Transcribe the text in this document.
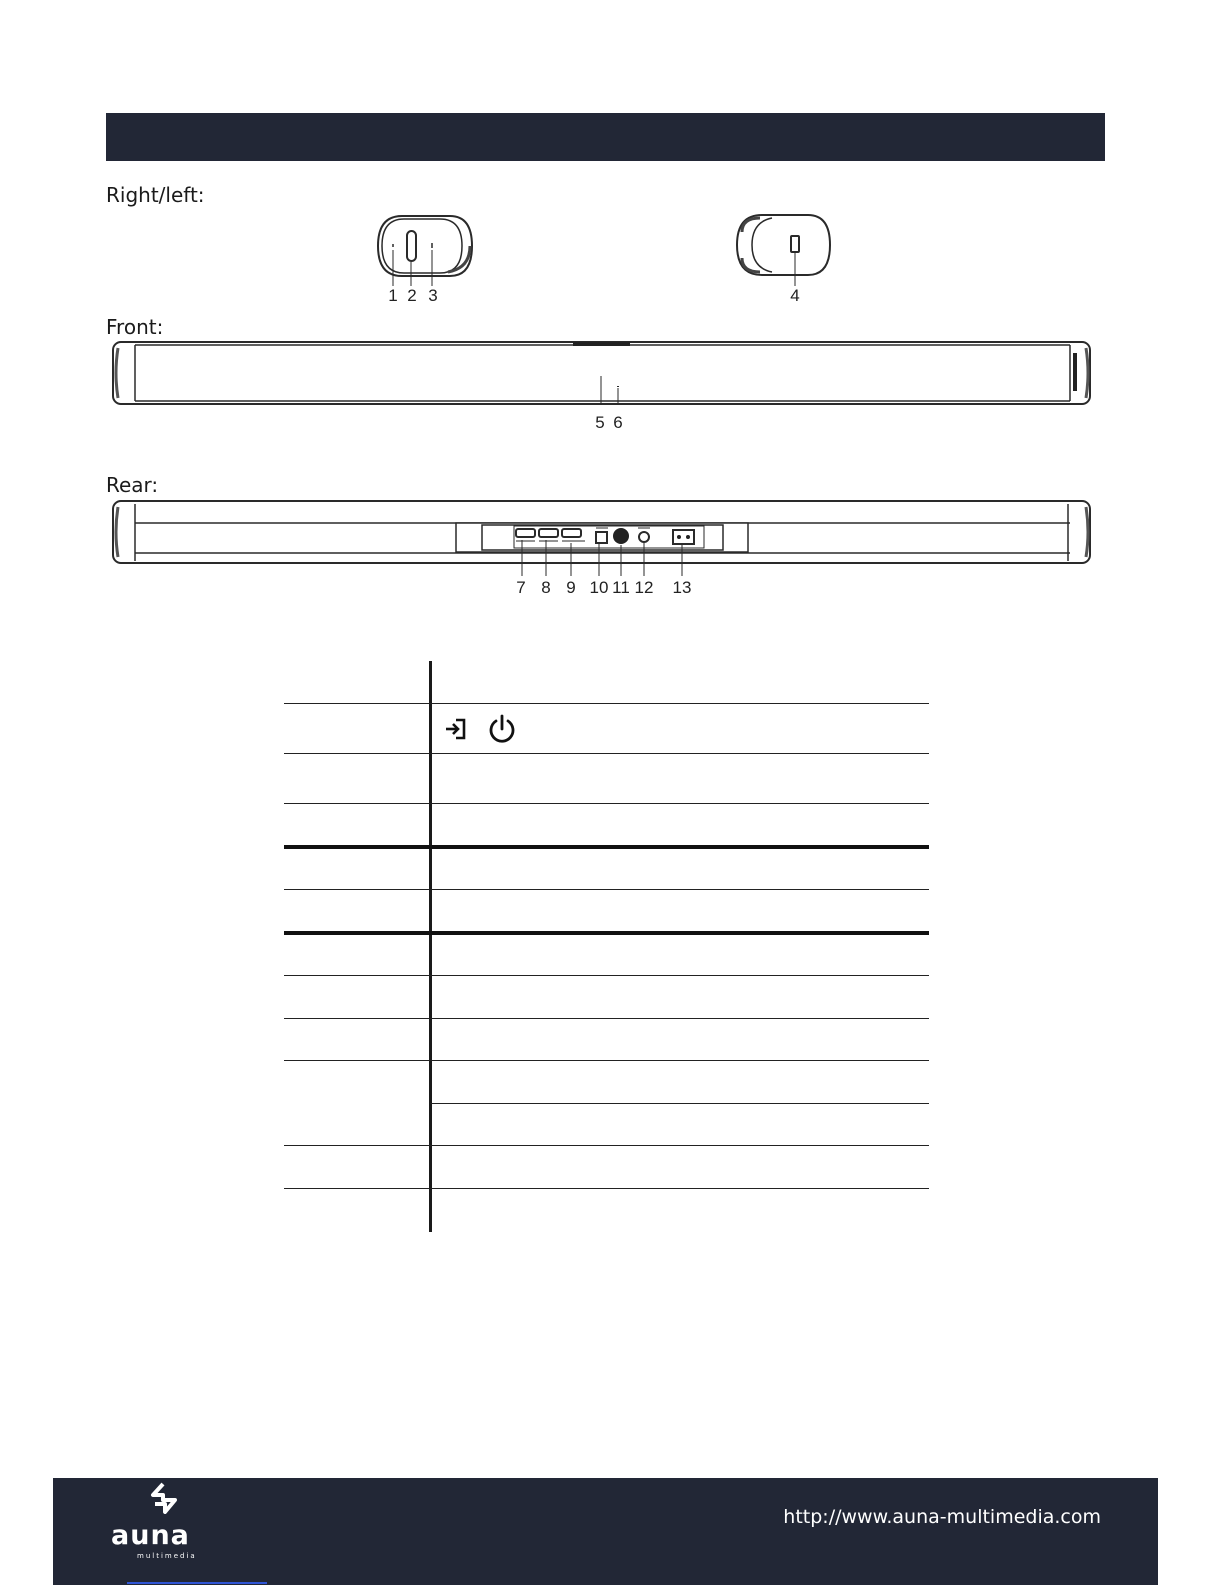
Right/left:
Front:
Rear:
1 2 3	4
5 6
7 8 9 10 11 12 13
auna
multimedia
http://www.auna-multimedia.com
